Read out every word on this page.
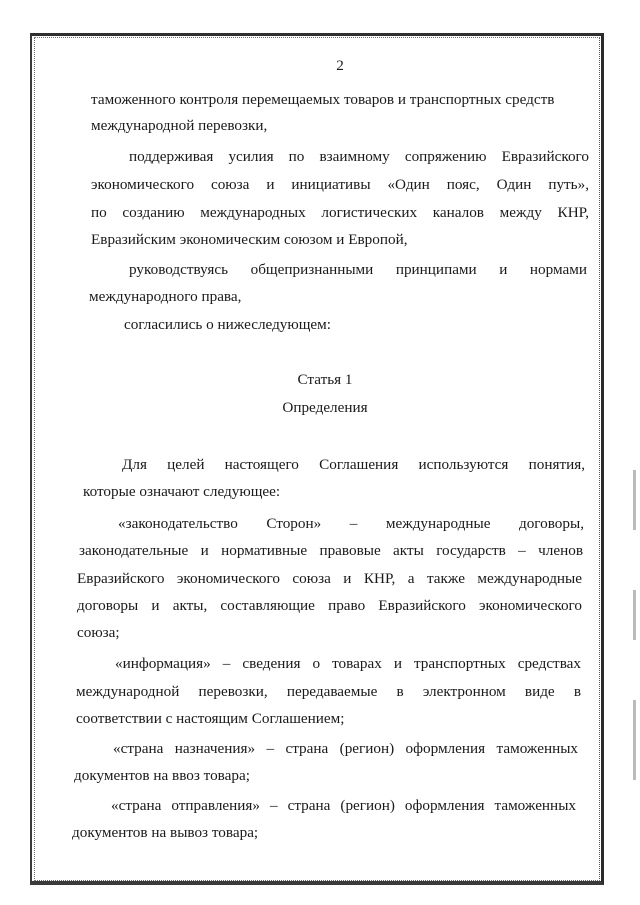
2
таможенного контроля перемещаемых товаров и транспортных средств
международной перевозки,
поддерживая усилия по взаимному сопряжению Евразийского
экономического союза и инициативы «Один пояс, Один путь»,
по созданию международных логистических каналов между КНР,
Евразийским экономическим союзом и Европой,
руководствуясь общепризнанными принципами и нормами
международного права,
согласились о нижеследующем:
Статья 1
Определения
Для целей настоящего Соглашения используются понятия,
которые означают следующее:
«законодательство Сторон» – международные договоры,
законодательные и нормативные правовые акты государств – членов
Евразийского экономического союза и КНР, а также международные
договоры и акты, составляющие право Евразийского экономического
союза;
«информация» – сведения о товарах и транспортных средствах
международной перевозки, передаваемые в электронном виде в
соответствии с настоящим Соглашением;
«страна назначения» – страна (регион) оформления таможенных
документов на ввоз товара;
«страна отправления» – страна (регион) оформления таможенных
документов на вывоз товара;
